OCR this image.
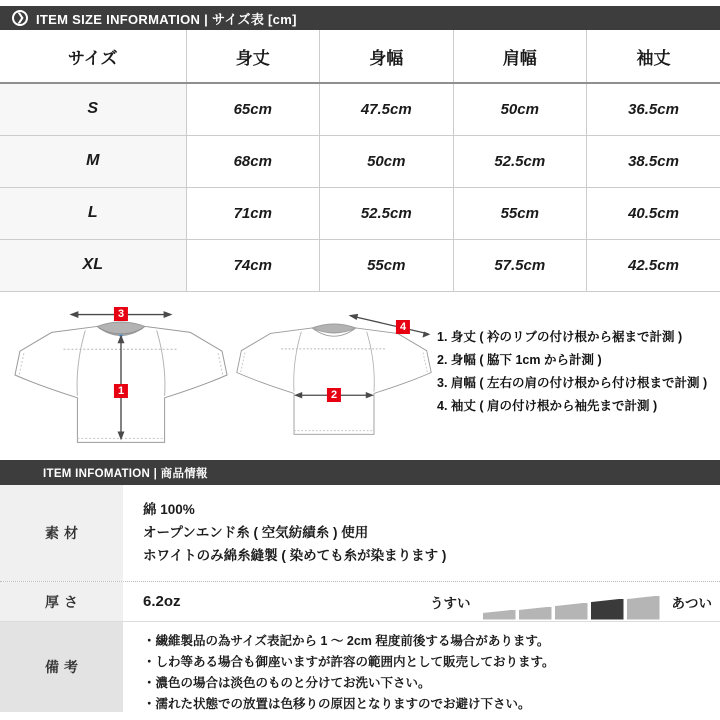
❯ ITEM SIZE INFORMATION | サイズ表 [cm]
サイズ	身丈	身幅	肩幅	袖丈
S	65cm	47.5cm	50cm	36.5cm
M	68cm	50cm	52.5cm	38.5cm
L	71cm	52.5cm	55cm	40.5cm
XL	74cm	55cm	57.5cm	42.5cm
3
1	2
4
1. 身丈 ( 衿のリブの付け根から裾まで計測 )
2. 身幅 ( 脇下 1cm から計測 )
3. 肩幅 ( 左右の肩の付け根から付け根まで計測 )
4. 袖丈 ( 肩の付け根から袖先まで計測 )
ITEM INFOMATION | 商品情報
素材
綿 100%
オープンエンド糸 ( 空気紡績糸 ) 使用
ホワイトのみ綿糸縫製 ( 染めても糸が染まります )
厚さ	6.2oz	うすい	あつい
備考
・繊維製品の為サイズ表記から 1 ～ 2cm 程度前後する場合があります。
・しわ等ある場合も御座いますが許容の範囲内として販売しております。
・濃色の場合は淡色のものと分けてお洗い下さい。
・濡れた状態での放置は色移りの原因となりますのでお避け下さい。
